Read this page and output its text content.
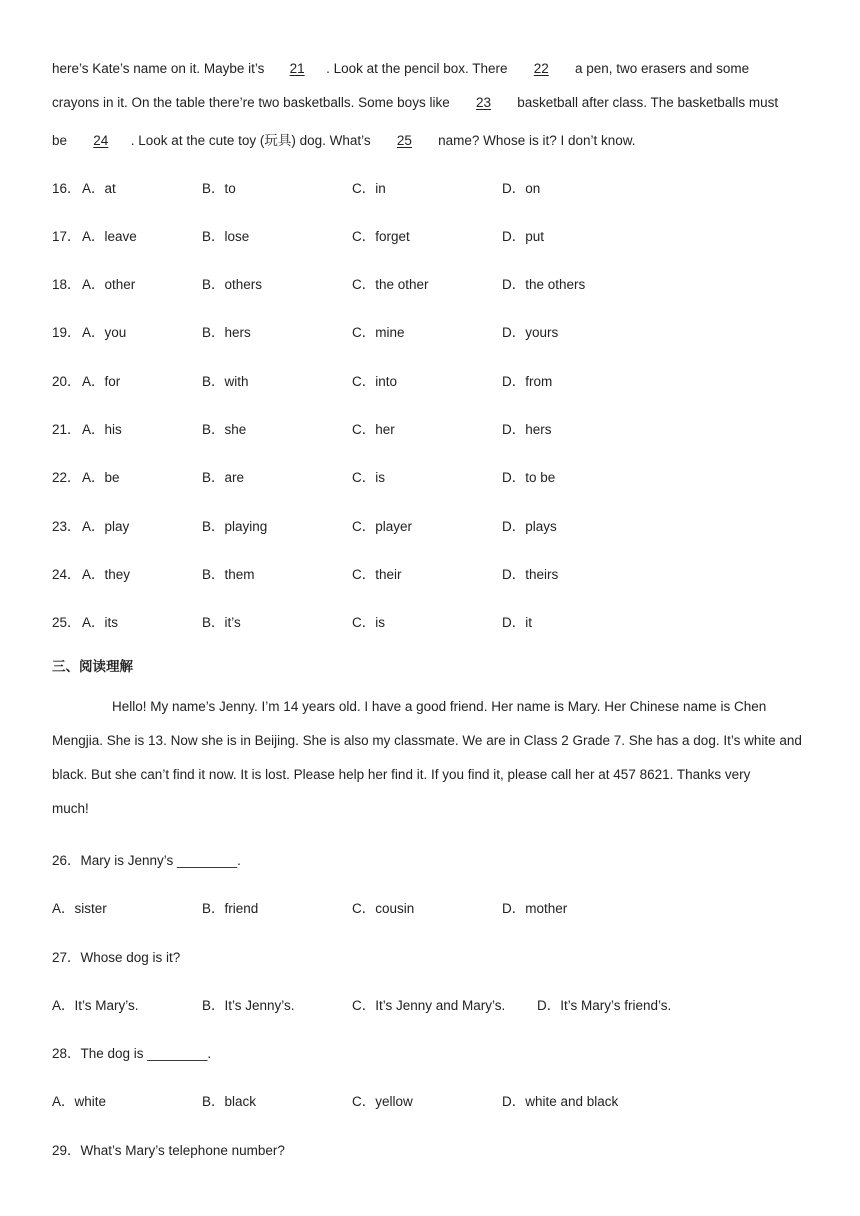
here’s Kate’s name on it. Maybe it’s 21 . Look at the pencil box. There 22 a pen, two erasers and some
crayons in it. On the table there’re two basketballs. Some boys like 23 basketball after class. The basketballs must
be 24 . Look at the cute toy (玩具) dog. What’s 25 name? Whose is it? I don’t know.
16． A．at	B．to	C．in	D．on
17． A．leave	B．lose	C．forget	D．put
18． A．other	B．others	C．the other	D．the others
19． A．you	B．hers	C．mine	D．yours
20． A．for	B．with	C．into	D．from
21． A．his	B．she	C．her	D．hers
22． A．be	B．are	C．is	D．to be
23． A．play	B．playing	C．player	D．plays
24． A．they	B．them	C．their	D．theirs
25． A．its	B．it’s	C．is	D．it
三、阅读理解
Hello! My name’s Jenny. I’m 14 years old. I have a good friend. Her name is Mary. Her Chinese name is Chen
Mengjia. She is 13. Now she is in Beijing. She is also my classmate. We are in Class 2 Grade 7. She has a dog. It’s white and
black. But she can’t find it now. It is lost. Please help her find it. If you find it, please call her at 457 8621. Thanks very
much!
26．Mary is Jenny’s ________.
A．sister	B．friend	C．cousin	D．mother
27．Whose dog is it?
A．It’s Mary’s.	B．It’s Jenny’s.	C．It’s Jenny and Mary’s. D．It’s Mary’s friend’s.
28．The dog is ________.
A．white	B．black	C．yellow	D．white and black
29．What’s Mary’s telephone number?
